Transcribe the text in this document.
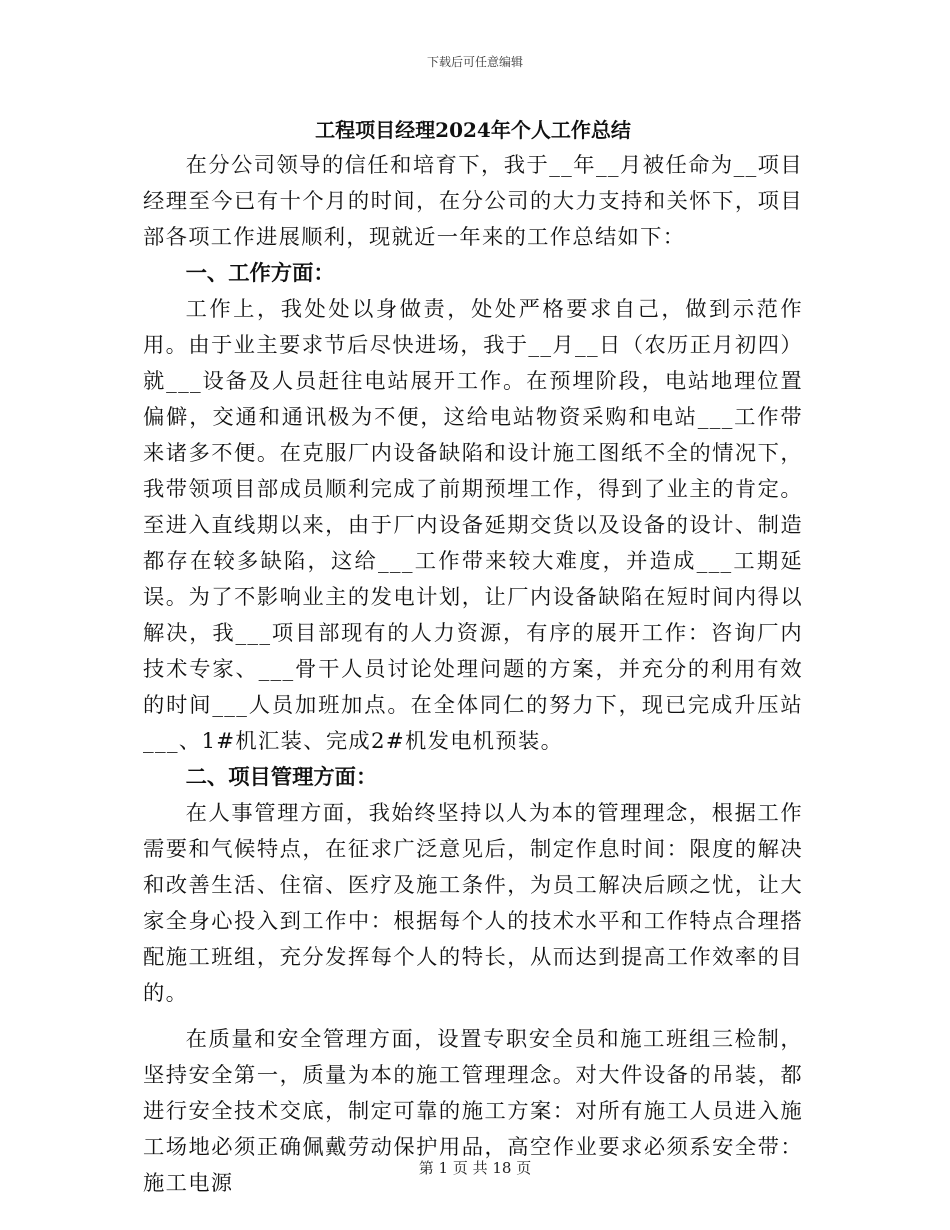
下载后可任意编辑
工程项目经理2024年个人工作总结

在分公司领导的信任和培育下，我于__年__月被任命为__项目经理至今已有十个月的时间，在分公司的大力支持和关怀下，项目部各项工作进展顺利，现就近一年来的工作总结如下：

一、工作方面：

工作上，我处处以身做责，处处严格要求自己，做到示范作用。由于业主要求节后尽快进场，我于__月__日（农历正月初四）就___设备及人员赶往电站展开工作。在预埋阶段，电站地理位置偏僻，交通和通讯极为不便，这给电站物资采购和电站___工作带来诸多不便。在克服厂内设备缺陷和设计施工图纸不全的情况下，我带领项目部成员顺利完成了前期预埋工作，得到了业主的肯定。至进入直线期以来，由于厂内设备延期交货以及设备的设计、制造都存在较多缺陷，这给___工作带来较大难度，并造成___工期延误。为了不影响业主的发电计划，让厂内设备缺陷在短时间内得以解决，我___项目部现有的人力资源，有序的展开工作：咨询厂内技术专家、___骨干人员讨论处理问题的方案，并充分的利用有效的时间___人员加班加点。在全体同仁的努力下，现已完成升压站___、1#机汇装、完成2#机发电机预装。

二、项目管理方面：

在人事管理方面，我始终坚持以人为本的管理理念，根据工作需要和气候特点，在征求广泛意见后，制定作息时间：限度的解决和改善生活、住宿、医疗及施工条件，为员工解决后顾之忧，让大家全身心投入到工作中：根据每个人的技术水平和工作特点合理搭配施工班组，充分发挥每个人的特长，从而达到提高工作效率的目的。

在质量和安全管理方面，设置专职安全员和施工班组三检制，坚持安全第一，质量为本的施工管理理念。对大件设备的吊装，都进行安全技术交底，制定可靠的施工方案：对所有施工人员进入施工场地必须正确佩戴劳动保护用品，高空作业要求必须系安全带：施工电源

第 1 页 共 18 页
